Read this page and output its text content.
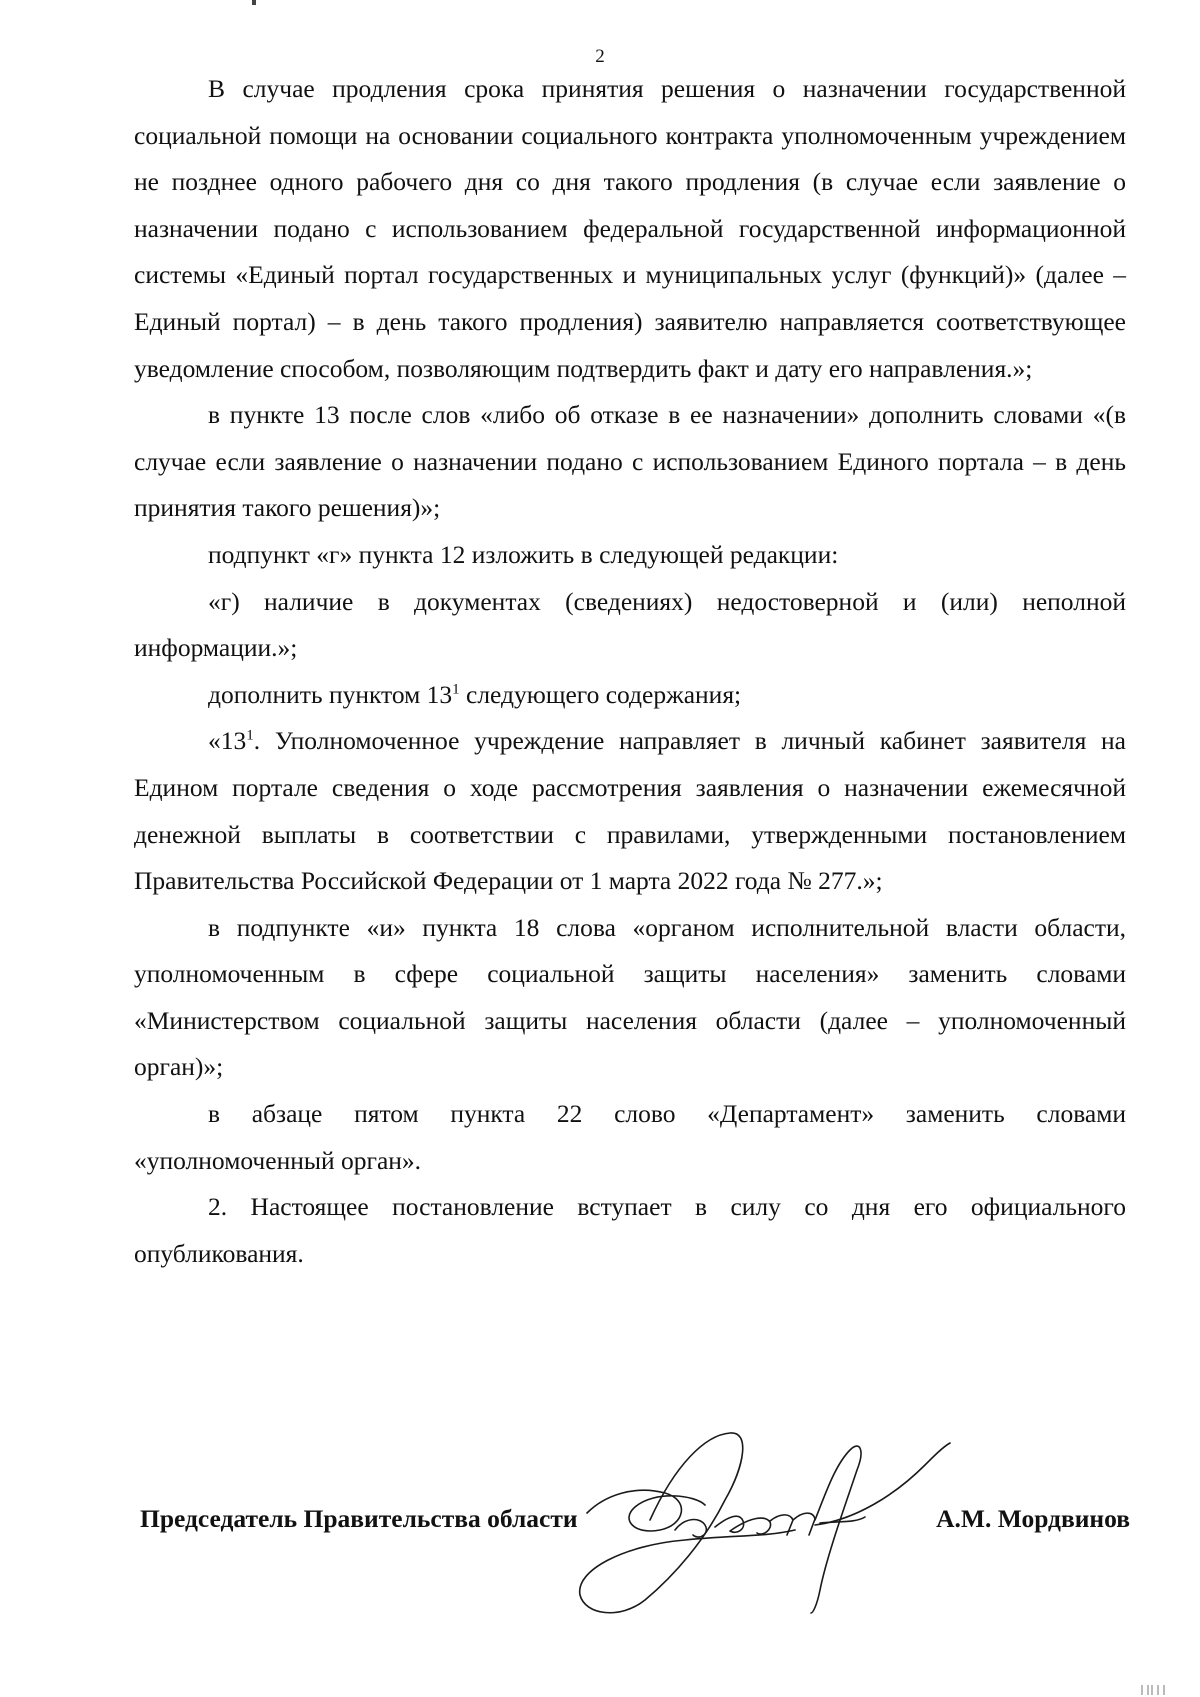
2

В случае продления срока принятия решения о назначении государственной социальной помощи на основании социального контракта уполномоченным учреждением не позднее одного рабочего дня со дня такого продления (в случае если заявление о назначении подано с использованием федеральной государственной информационной системы «Единый портал государственных и муниципальных услуг (функций)» (далее – Единый портал) – в день такого продления) заявителю направляется соответствующее уведомление способом, позволяющим подтвердить факт и дату его направления.»;

в пункте 13 после слов «либо об отказе в ее назначении» дополнить словами «(в случае если заявление о назначении подано с использованием Единого портала – в день принятия такого решения)»;

подпункт «г» пункта 12 изложить в следующей редакции:

«г) наличие в документах (сведениях) недостоверной и (или) неполной информации.»;

дополнить пунктом $13^1$ следующего содержания;

«$13^1$. Уполномоченное учреждение направляет в личный кабинет заявителя на Едином портале сведения о ходе рассмотрения заявления о назначении ежемесячной денежной выплаты в соответствии с правилами, утвержденными постановлением Правительства Российской Федерации от 1 марта 2022 года № 277.»;

в подпункте «и» пункта 18 слова «органом исполнительной власти области, уполномоченным в сфере социальной защиты населения» заменить словами «Министерством социальной защиты населения области (далее – уполномоченный орган)»;

в абзаце пятом пункта 22 слово «Департамент» заменить словами «уполномоченный орган».

2. Настоящее постановление вступает в силу со дня его официального опубликования.

Председатель Правительства области	А.М. Мордвинов
